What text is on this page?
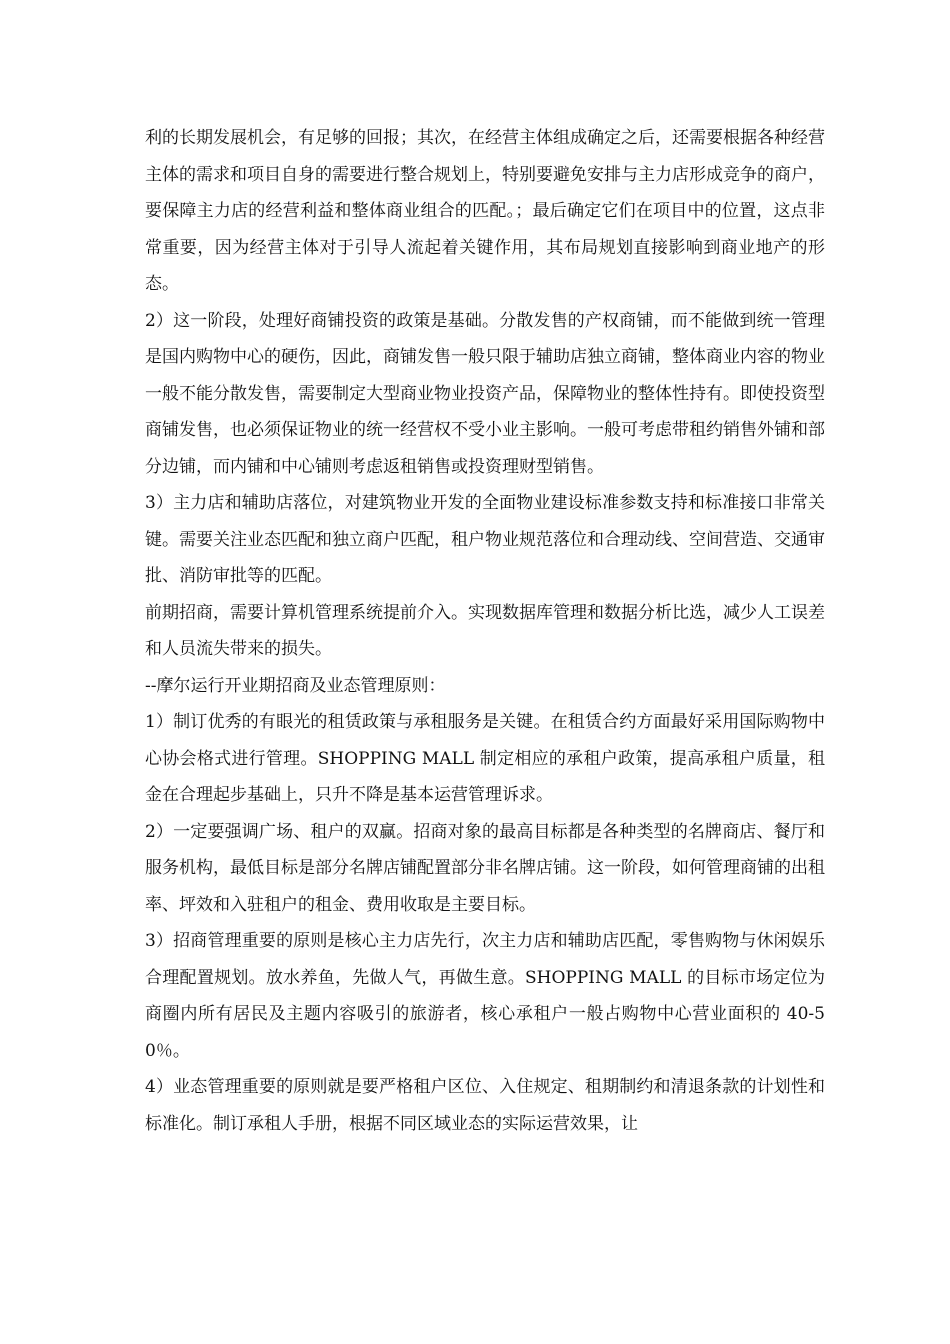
利的长期发展机会，有足够的回报；其次，在经营主体组成确定之后，还需要根据各种经营主体的需求和项目自身的需要进行整合规划上，特别要避免安排与主力店形成竞争的商户，要保障主力店的经营利益和整体商业组合的匹配。；最后确定它们在项目中的位置，这点非常重要，因为经营主体对于引导人流起着关键作用，其布局规划直接影响到商业地产的形态。

2）这一阶段，处理好商铺投资的政策是基础。分散发售的产权商铺，而不能做到统一管理是国内购物中心的硬伤，因此，商铺发售一般只限于辅助店独立商铺，整体商业内容的物业一般不能分散发售，需要制定大型商业物业投资产品，保障物业的整体性持有。即使投资型商铺发售，也必须保证物业的统一经营权不受小业主影响。一般可考虑带租约销售外铺和部分边铺，而内铺和中心铺则考虑返租销售或投资理财型销售。

3）主力店和辅助店落位，对建筑物业开发的全面物业建设标准参数支持和标准接口非常关键。需要关注业态匹配和独立商户匹配，租户物业规范落位和合理动线、空间营造、交通审批、消防审批等的匹配。

前期招商，需要计算机管理系统提前介入。实现数据库管理和数据分析比选，减少人工误差和人员流失带来的损失。

--摩尔运行开业期招商及业态管理原则：

1）制订优秀的有眼光的租赁政策与承租服务是关键。在租赁合约方面最好采用国际购物中心协会格式进行管理。SHOPPING MALL 制定相应的承租户政策，提高承租户质量，租金在合理起步基础上，只升不降是基本运营管理诉求。

2）一定要强调广场、租户的双赢。招商对象的最高目标都是各种类型的名牌商店、餐厅和服务机构，最低目标是部分名牌店铺配置部分非名牌店铺。这一阶段，如何管理商铺的出租率、坪效和入驻租户的租金、费用收取是主要目标。

3）招商管理重要的原则是核心主力店先行，次主力店和辅助店匹配，零售购物与休闲娱乐合理配置规划。放水养鱼，先做人气，再做生意。SHOPPING MALL 的目标市场定位为商圈内所有居民及主题内容吸引的旅游者，核心承租户一般占购物中心营业面积的 40-50％。

4）业态管理重要的原则就是要严格租户区位、入住规定、租期制约和清退条款的计划性和标准化。制订承租人手册，根据不同区域业态的实际运营效果，让
